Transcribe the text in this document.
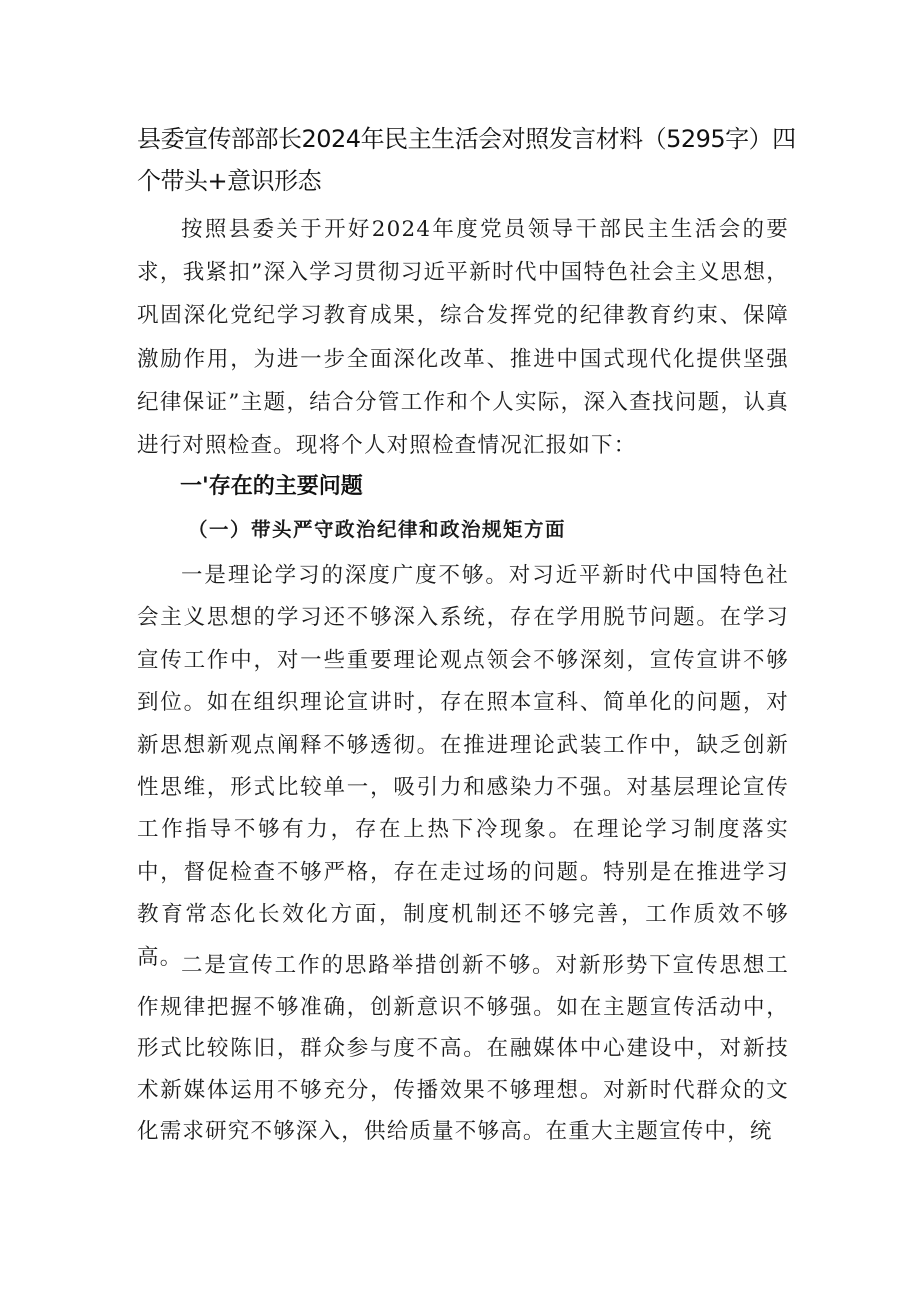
县委宣传部部长2024年民主生活会对照发言材料（5295字）四个带头+意识形态

按照县委关于开好2024年度党员领导干部民主生活会的要求，我紧扣”深入学习贯彻习近平新时代中国特色社会主义思想，巩固深化党纪学习教育成果，综合发挥党的纪律教育约束、保障激励作用，为进一步全面深化改革、推进中国式现代化提供坚强纪律保证”主题，结合分管工作和个人实际，深入查找问题，认真进行对照检查。现将个人对照检查情况汇报如下：

一'存在的主要问题
（一）带头严守政治纪律和政治规矩方面

一是理论学习的深度广度不够。对习近平新时代中国特色社会主义思想的学习还不够深入系统，存在学用脱节问题。在学习宣传工作中，对一些重要理论观点领会不够深刻，宣传宣讲不够到位。如在组织理论宣讲时，存在照本宣科、简单化的问题，对新思想新观点阐释不够透彻。在推进理论武装工作中，缺乏创新性思维，形式比较单一，吸引力和感染力不强。对基层理论宣传工作指导不够有力，存在上热下冷现象。在理论学习制度落实中，督促检查不够严格，存在走过场的问题。特别是在推进学习教育常态化长效化方面，制度机制还不够完善，工作质效不够高。

二是宣传工作的思路举措创新不够。对新形势下宣传思想工作规律把握不够准确，创新意识不够强。如在主题宣传活动中，形式比较陈旧，群众参与度不高。在融媒体中心建设中，对新技术新媒体运用不够充分，传播效果不够理想。对新时代群众的文化需求研究不够深入，供给质量不够高。在重大主题宣传中，统
